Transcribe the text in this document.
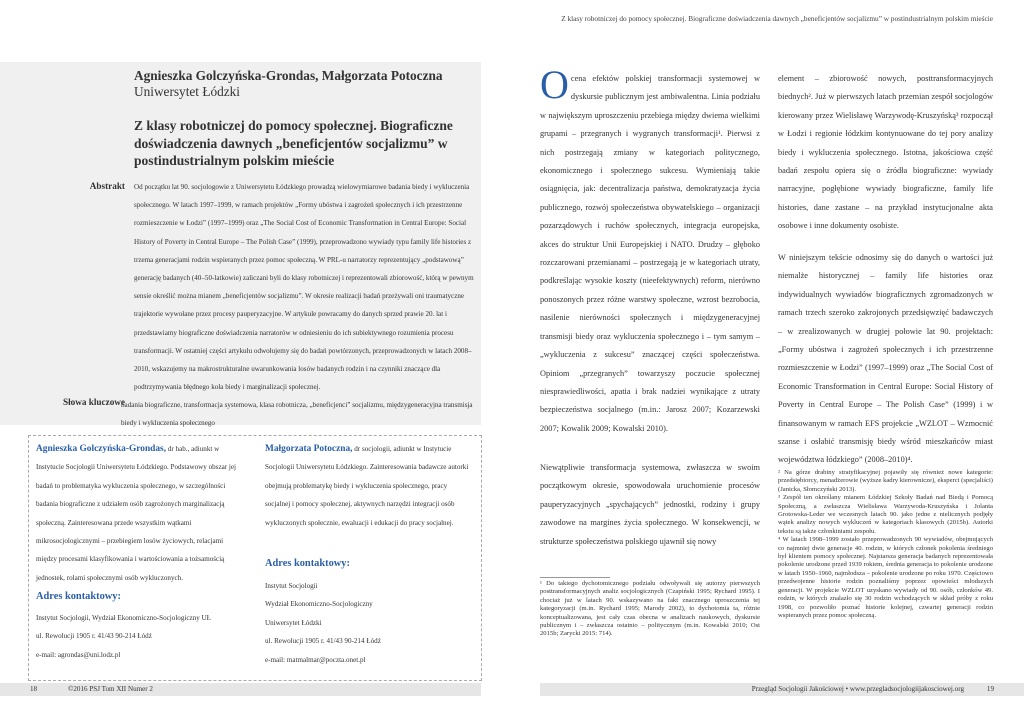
Z klasy robotniczej do pomocy społecznej. Biograficzne doświadczenia dawnych „beneficjentów socjalizmu” w postindustrialnym polskim mieście
Agnieszka Golczyńska-Grondas, Małgorzata Potoczna
Uniwersytet Łódzki
Z klasy robotniczej do pomocy społecznej. Biograficzne doświadczenia dawnych „beneficjentów socjalizmu” w postindustrialnym polskim mieście
Abstrakt Od początku lat 90. socjologowie z Uniwersytetu Łódzkiego prowadzą wielowymiarowe badania biedy i wykluczenia społecznego. W latach 1997–1999, w ramach projektów „Formy ubóstwa i zagrożeń społecznych i ich przestrzenne rozmieszczenie w Łodzi” (1997–1999) oraz „The Social Cost of Economic Transformation in Central Europe: Social History of Poverty in Central Europe – The Polish Case” (1999), przeprowadzono wywiady typu family life histories z trzema generacjami rodzin wspieranych przez pomoc społeczną. W PRL-u narratorzy reprezentujący „podstawową” generację badanych (40–50-latkowie) zaliczani byli do klasy robotniczej i reprezentowali zbiorowość, którą w pewnym sensie określić można mianem „beneficjentów socjalizmu”. W okresie realizacji badań przeżywali oni traumatyczne trajektorie wywołane przez procesy pauperyzacyjne. W artykule powracamy do danych sprzed prawie 20. lat i przedstawiamy biograficzne doświadczenia narratorów w odniesieniu do ich subiektywnego rozumienia procesu transformacji. W ostatniej części artykułu odwołujemy się do badań powtórzonych, przeprowadzonych w latach 2008–2010, wskazujemy na makrostrukturalne uwarunkowania losów badanych rodzin i na czynniki znaczące dla podtrzymywania błędnego koła biedy i marginalizacji społecznej.
Słowa kluczowe
badania biograficzne, transformacja systemowa, klasa robotnicza, „beneficjenci” socjalizmu, międzygeneracyjna transmisja biedy i wykluczenia społecznego
Agnieszka Golczyńska-Grondas, dr hab., adiunkt w Instytucie Socjologii Uniwersytetu Łódzkiego. Podstawowy obszar jej badań to problematyka wykluczenia społecznego, w szczególności badania biograficzne z udziałem osób zagrożonych marginalizacją społeczną. Zainteresowana przede wszystkim wątkami mikrosocjologicznymi – przebiegiem losów życiowych, relacjami między procesami klasyfikowania i wartościowania a tożsamością jednostek, rolami społecznymi osób wykluczonych.
Małgorzata Potoczna, dr socjologii, adiunkt w Instytucie Socjologii Uniwersytetu Łódzkiego. Zainteresowania badawcze autorki obejmują problematykę biedy i wykluczenia społecznego, pracy socjalnej i pomocy społecznej, aktywnych narzędzi integracji osób wykluczonych społecznie, ewaluacji i edukacji do pracy socjalnej.
Adres kontaktowy:
Instytut Socjologii, Wydział Ekonomiczno-Socjologiczny UŁ
ul. Rewolucji 1905 r. 41/43 90-214 Łódź
e-mail: agrondas@uni.lodz.pl
Adres kontaktowy:
Instytut Socjologii
Wydział Ekonomiczno-Socjologiczny
Uniwersytet Łódzki
ul. Rewolucji 1905 r. 41/43 90-214 Łódź
e-mail: matmalmar@poczta.onet.pl
Ocena efektów polskiej transformacji systemowej w dyskursie publicznym jest ambiwalentna. Linia podziału w największym uproszczeniu przebiega między dwiema wielkimi grupami – przegranych i wygranych transformacji¹. Pierwsi z nich postrzegają zmiany w kategoriach politycznego, ekonomicznego i społecznego sukcesu. Wymieniają takie osiągnięcia, jak: decentralizacja państwa, demokratyzacja życia publicznego, rozwój społeczeństwa obywatelskiego – organizacji pozarządowych i ruchów społecznych, integracja europejska, akces do struktur Unii Europejskiej i NATO. Drudzy – głęboko rozczarowani przemianami – postrzegają je w kategoriach utraty, podkreślając wysokie koszty (nieefektywnych) reform, nierówno ponoszonych przez różne warstwy społeczne, wzrost bezrobocia, nasilenie nierówności społecznych i międzygeneracyjnej transmisji biedy oraz wykluczenia społecznego i – tym samym – „wykluczenia z sukcesu” znaczącej części społeczeństwa. Opiniom „przegranych” towarzyszy poczucie społecznej niesprawiedliwości, apatia i brak nadziei wynikające z utraty bezpieczeństwa socjalnego (m.in.: Jarosz 2007; Kozarzewski 2007; Kowalik 2009; Kowalski 2010).
Niewątpliwie transformacja systemowa, zwłaszcza w swoim początkowym okresie, spowodowała uruchomienie procesów pauperyzacyjnych „spychających” jednostki, rodziny i grupy zawodowe na margines życia społecznego. W konsekwencji, w strukturze społeczeństwa polskiego ujawnił się nowy
element – zbiorowość nowych, posttransformacyjnych biednych². Już w pierwszych latach przemian zespół socjologów kierowany przez Wielisławę Warzywodę-Kruszyńską³ rozpoczął w Łodzi i regionie łódzkim kontynuowane do tej pory analizy biedy i wykluczenia społecznego. Istotna, jakościowa część badań zespołu opiera się o źródła biograficzne: wywiady narracyjne, pogłębione wywiady biograficzne, family life histories, dane zastane – na przykład instytucjonalne akta osobowe i inne dokumenty osobiste.
W niniejszym tekście odnosimy się do danych o wartości już niemalże historycznej – family life histories oraz indywidualnych wywiadów biograficznych zgromadzonych w ramach trzech szeroko zakrojonych przedsięwzięć badawczych – w zrealizowanych w drugiej połowie lat 90. projektach: „Formy ubóstwa i zagrożeń społecznych i ich przestrzenne rozmieszczenie w Łodzi” (1997–1999) oraz „The Social Cost of Economic Transformation in Central Europe: Social History of Poverty in Central Europe – The Polish Case” (1999) i w finansowanym w ramach EFS projekcie „WZLOT – Wzmocnić szanse i osłabić transmisję biedy wśród mieszkańców miast województwa łódzkiego” (2008–2010)⁴.
¹ Do takiego dychotomicznego podziału odwoływali się autorzy pierwszych posttransformacyjnych analiz socjologicznych (Czapiński 1995; Rychard 1995). I chociaż już w latach 90. wskazywano na fakt znacznego uproszczenia tej kategoryzacji (m.in. Rychard 1995; Marody 2002), to dychotomia ta, różnie konceptualizowana, jest cały czas obecna w analizach naukowych, dyskursie publicznym i – zwłaszcza ostatnio – politycznym (m.in. Kowalski 2010; Ost 2015b; Zarycki 2015: 714).
² Na górze drabiny stratyfikacyjnej pojawiły się również nowe kategorie: przedsiębiorcy, menadżerowie (wyższe kadry kierownicze), eksperci (specjaliści) (Janicka, Słomczyński 2013).
³ Zespół ten określany mianem Łódzkiej Szkoły Badań nad Biedą i Pomocą Społeczną, a zwłaszcza Wielisława Warzywoda-Kruszyńska i Jolanta Grotowska-Leder we wczesnych latach 90. jako jedne z nielicznych podjęły wątek analizy nowych wykluczeń w kategoriach klasowych (2015b). Autorki tekstu są także członkiniami zespołu.
⁴ W latach 1998–1999 zostało przeprowadzonych 90 wywiadów, obejmujących co najmniej dwie generacje 40. rodzin, w których członek pokolenia średniego był klientem pomocy społecznej. Najstarsza generacja badanych reprezentowała pokolenie urodzone przed 1939 rokiem, średnia generacja to pokolenie urodzone w latach 1950–1960, najmłodsza – pokolenie urodzone po roku 1970. Częściowo przedwojenne historie rodzin poznaliśmy poprzez opowieści młodszych generacji. W projekcie WZLOT uzyskano wywiady od 90. osób, członków 49. rodzin, w których znalazło się 30 rodzin wchodzących w skład próby z roku 1998, co pozwoliło poznać historie kolejnej, czwartej generacji rodzin wspieranych przez pomoc społeczną.
18	©2016 PSJ Tom XII Numer 2	Przegląd Socjologii Jakościowej • www.przegladsocjologiijakosciowej.org	19
